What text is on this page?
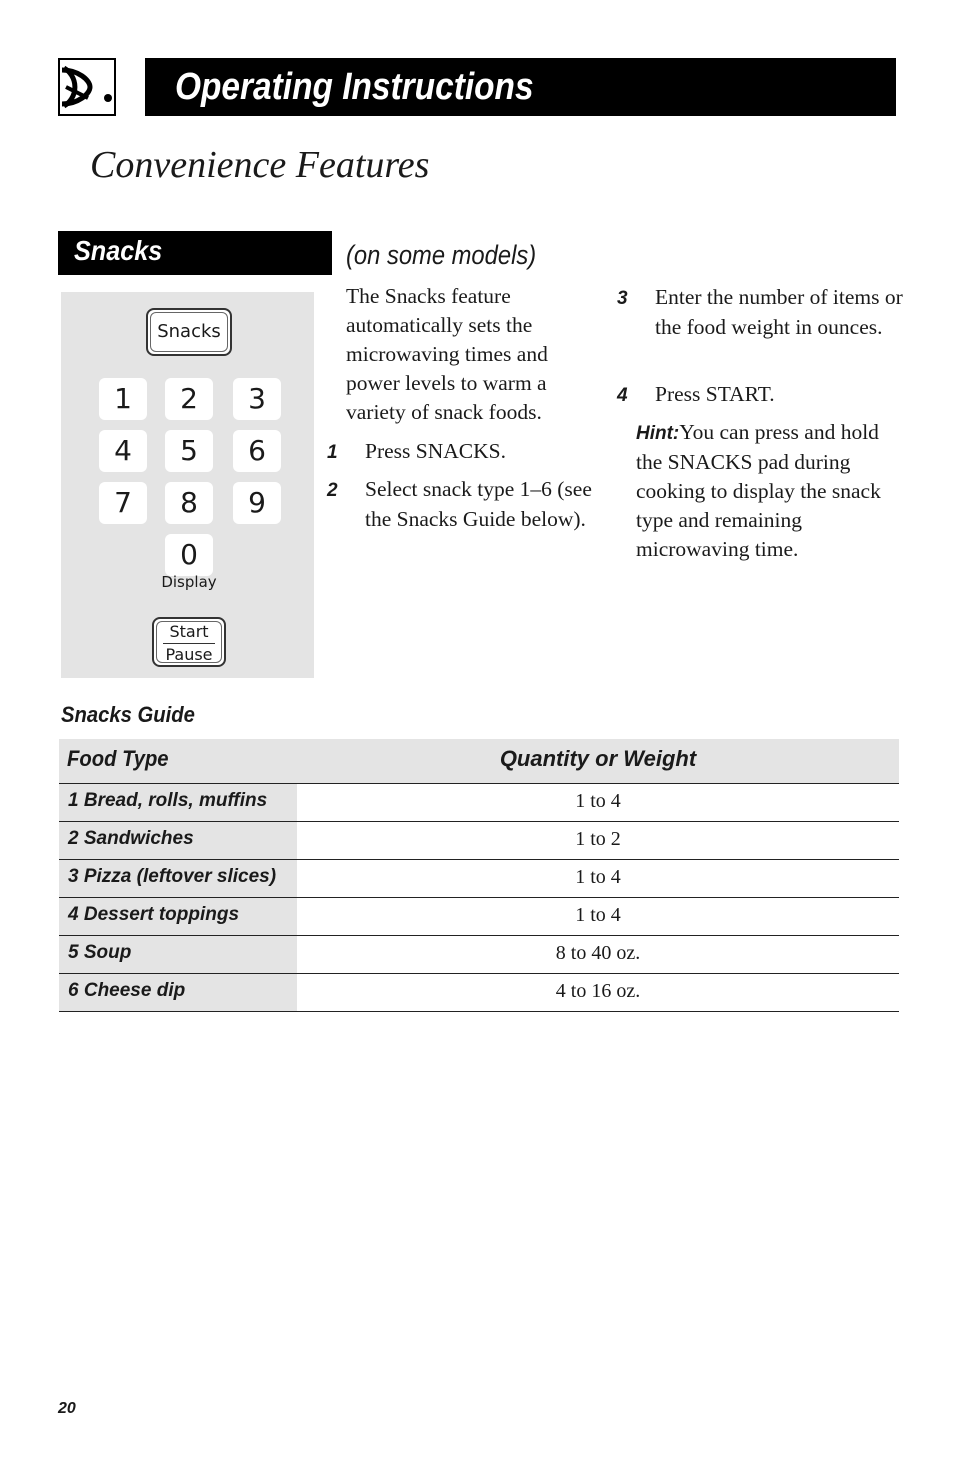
Operating Instructions
Convenience Features
Snacks	(on some models)
Snacks
1	2	3
4	5	6
7	8	9
0
Display
Start
Pause
The Snacks feature automatically sets the microwaving times and power levels to warm a variety of snack foods.
1 Press SNACKS.
2 Select snack type 1–6 (see the Snacks Guide below).
3 Enter the number of items or the food weight in ounces.
4 Press START.
Hint:You can press and hold the SNACKS pad during cooking to display the snack type and remaining microwaving time.
Snacks Guide
Food Type	Quantity or Weight
1 Bread, rolls, muffins	1 to 4
2 Sandwiches	1 to 2
3 Pizza (leftover slices)	1 to 4
4 Dessert toppings	1 to 4
5 Soup	8 to 40 oz.
6 Cheese dip	4 to 16 oz.
20
